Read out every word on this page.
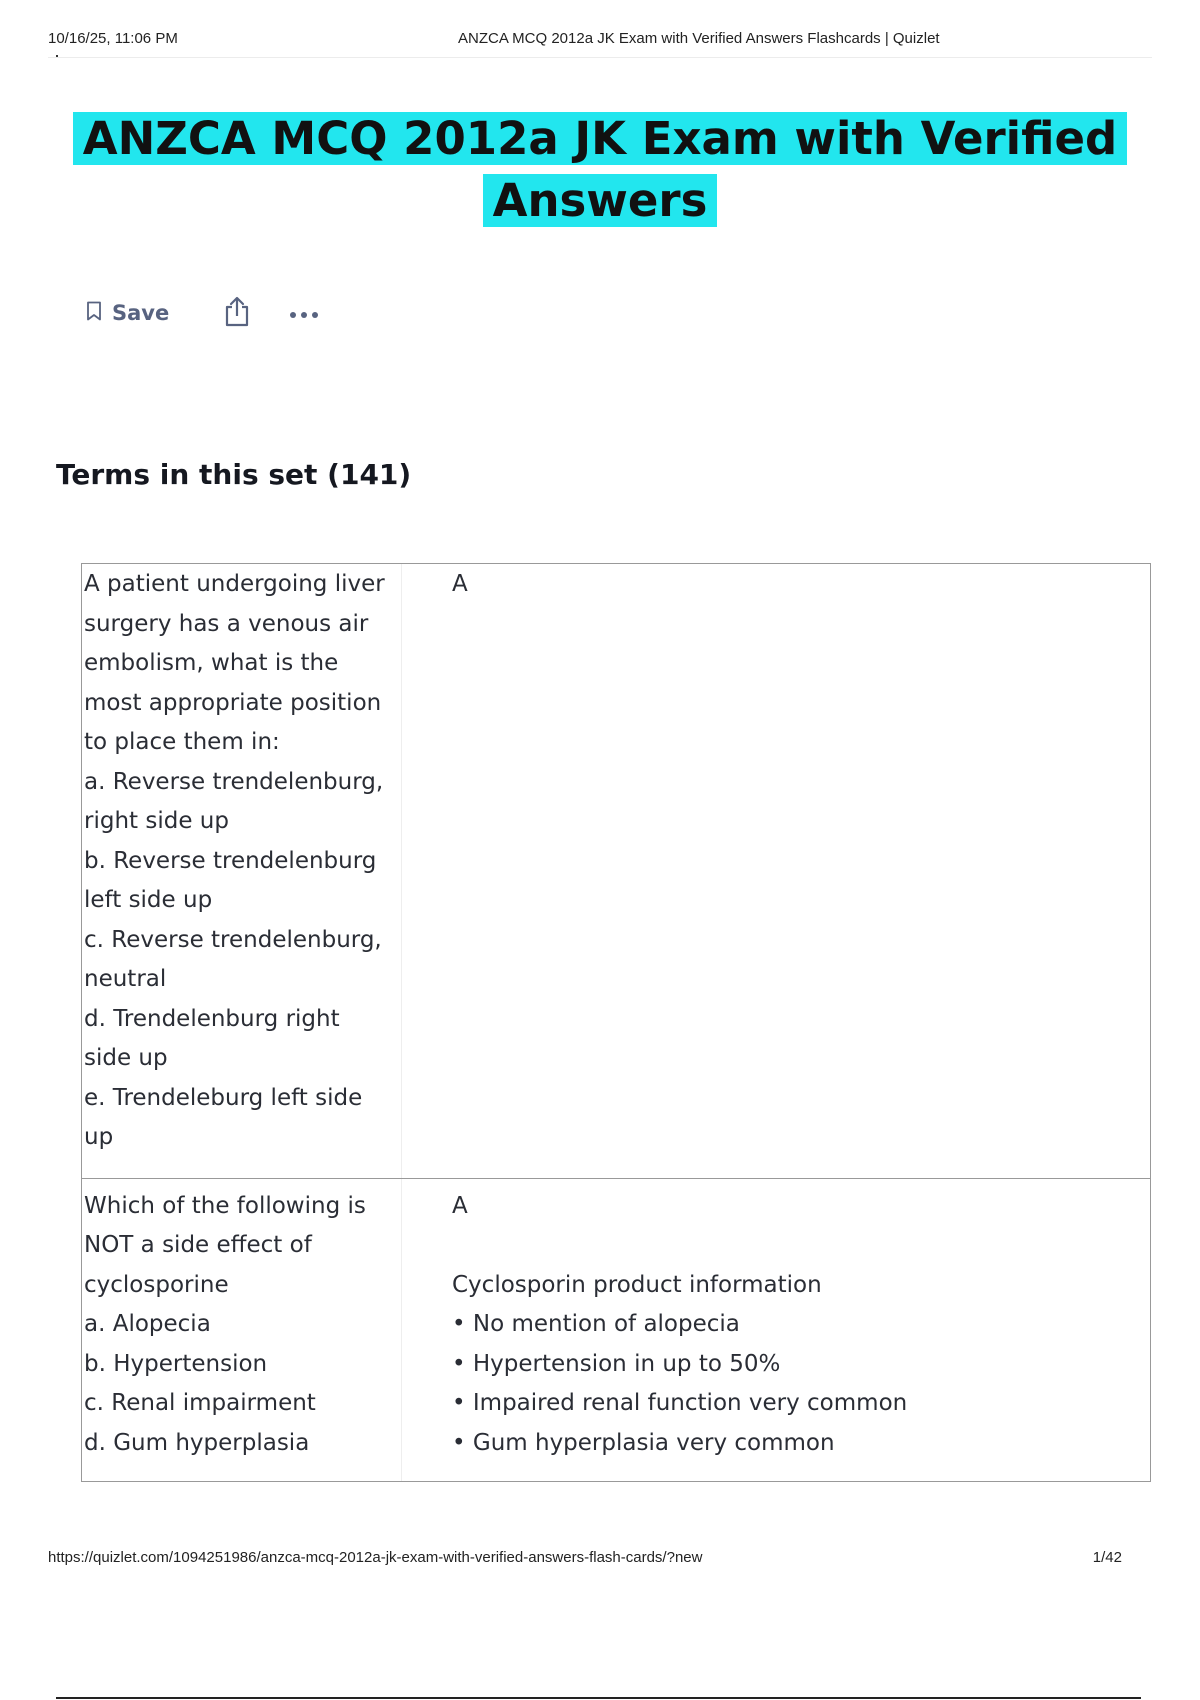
10/16/25, 11:06 PM	ANZCA MCQ 2012a JK Exam with Verified Answers Flashcards | Quizlet
ANZCA MCQ 2012a JK Exam with Verified Answers
Save
Terms in this set (141)
A patient undergoing liver
surgery has a venous air
embolism, what is the
most appropriate position
to place them in:
a. Reverse trendelenburg,
right side up
b. Reverse trendelenburg
left side up
c. Reverse trendelenburg,
neutral
d. Trendelenburg right
side up
e. Trendeleburg left side
up
A
Which of the following is
NOT a side effect of
cyclosporine
a. Alopecia
b. Hypertension
c. Renal impairment
d. Gum hyperplasia
A

Cyclosporin product information
• No mention of alopecia
• Hypertension in up to 50%
• Impaired renal function very common
• Gum hyperplasia very common
https://quizlet.com/1094251986/anzca-mcq-2012a-jk-exam-with-verified-answers-flash-cards/?new	1/42
